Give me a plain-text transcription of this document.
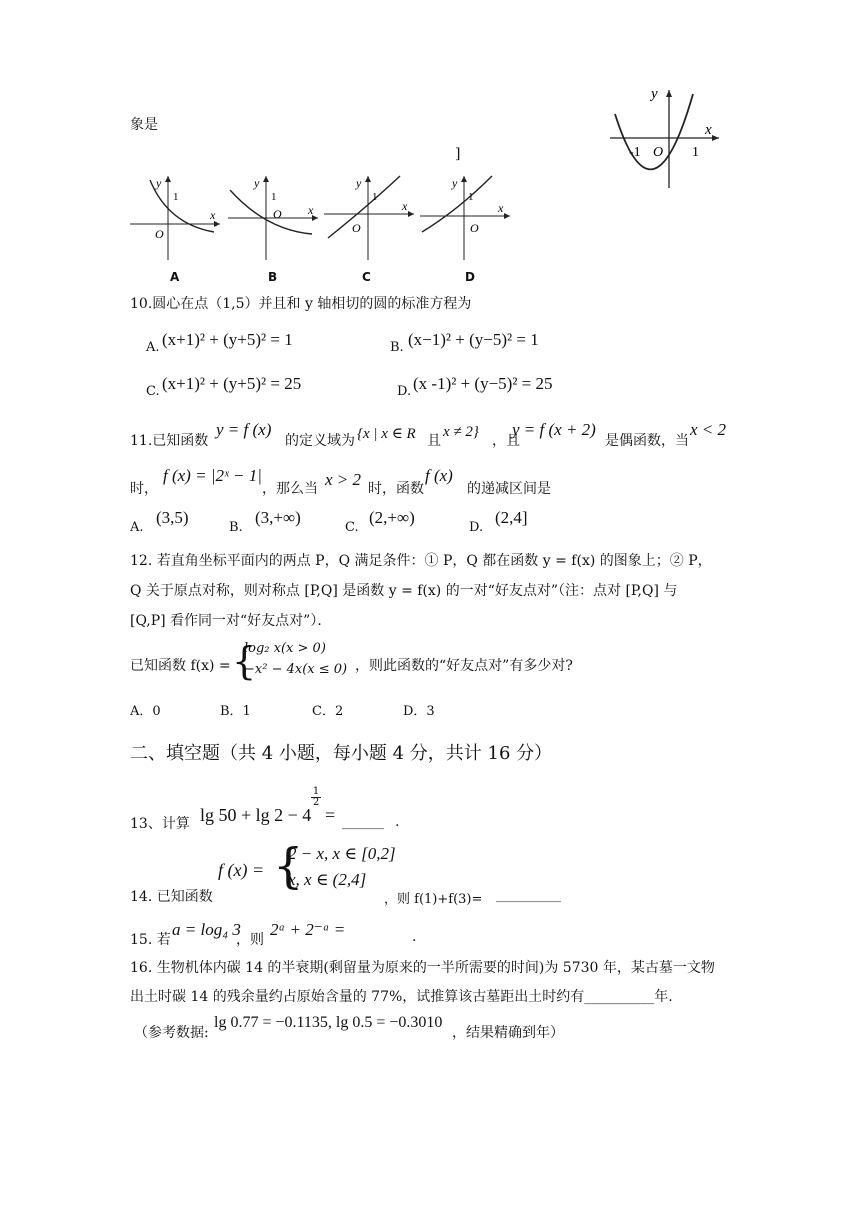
象是
]
y
x
-1 O 1
y
1
x
O
y
1
x
O
y
1
x
O
y
1
x
O
A	B	C	D
10.圆心在点（1,5）并且和 y 轴相切的圆的标准方程为
A. (x+1)² + (y+5)² = 1	B. (x−1)² + (y−5)² = 1
C. (x+1)² + (y+5)² = 25	D. (x -1)² + (y−5)² = 25
11.已知函数
y = f (x)
的定义域为 {x | x ∈ R 且
x ≠ 2}
，且
y = f (x + 2)
是偶函数，当
x < 2
时，
f (x) = |2ˣ − 1|
，那么当 x > 2 时，函数
f (x)
的递减区间是
A.
(3,5)
B.
(3,+∞)
C.
(2,+∞)
D.
(2,4]
12. 若直角坐标平面内的两点 P，Q 满足条件：① P，Q 都在函数 y = f(x) 的图象上；② P，
Q 关于原点对称，则对称点 [P,Q] 是函数 y = f(x) 的一对“好友点对”（注：点对 [P,Q] 与
[Q,P] 看作同一对“好友点对”）．
已知函数 f(x) = {
log₂ x(x > 0)
−x² − 4x(x ≤ 0) ，则此函数的“好友点对”有多少对?
A．0	B．1	C．2	D．3
二、填空题（共 4 小题，每小题 4 分，共计 16 分）
13、计算 lg 50 + lg 2 − 4
1
2
= ______ .
14. 已知函数
f (x) = {
2 − x, x ∈ [0,2]
x, x ∈ (2,4]
，则 f(1)+f(3)= __________
15. 若
a = log₄ 3
，则
2ᵃ + 2⁻ᵃ =	.
16. 生物机体内碳 14 的半衰期(剩留量为原来的一半所需要的时间)为 5730 年，某古墓一文物
出土时碳 14 的残余量约占原始含量的 77%，试推算该古墓距出土时约有__________年.
（参考数据:
lg 0.77 = −0.1135, lg 0.5 = −0.3010
，结果精确到年）
